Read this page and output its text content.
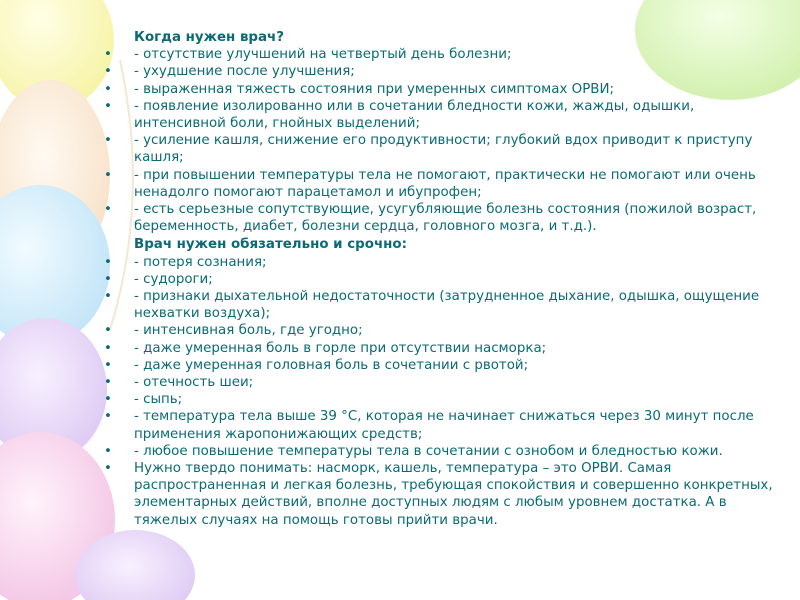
Когда нужен врач?
• - отсутствие улучшений на четвертый день болезни;
• - ухудшение после улучшения;
• - выраженная тяжесть состояния при умеренных симптомах ОРВИ;
• - появление изолированно или в сочетании бледности кожи, жажды, одышки, интенсивной боли, гнойных выделений;
• - усиление кашля, снижение его продуктивности; глубокий вдох приводит к приступу кашля;
• - при повышении температуры тела не помогают, практически не помогают или очень ненадолго помогают парацетамол и ибупрофен;
• - есть серьезные сопутствующие, усугубляющие болезнь состояния (пожилой возраст, беременность, диабет, болезни сердца, головного мозга, и т.д.).
Врач нужен обязательно и срочно:
• - потеря сознания;
• - судороги;
• - признаки дыхательной недостаточности (затрудненное дыхание, одышка, ощущение нехватки воздуха);
• - интенсивная боль, где угодно;
• - даже умеренная боль в горле при отсутствии насморка;
• - даже умеренная головная боль в сочетании с рвотой;
• - отечность шеи;
• - сыпь;
• - температура тела выше 39 °С, которая не начинает снижаться через 30 минут после применения жаропонижающих средств;
• - любое повышение температуры тела в сочетании с ознобом и бледностью кожи.
• Нужно твердо понимать: насморк, кашель, температура – это ОРВИ. Самая распространенная и легкая болезнь, требующая спокойствия и совершенно конкретных, элементарных действий, вполне доступных людям с любым уровнем достатка. А в тяжелых случаях на помощь готовы прийти врачи.
